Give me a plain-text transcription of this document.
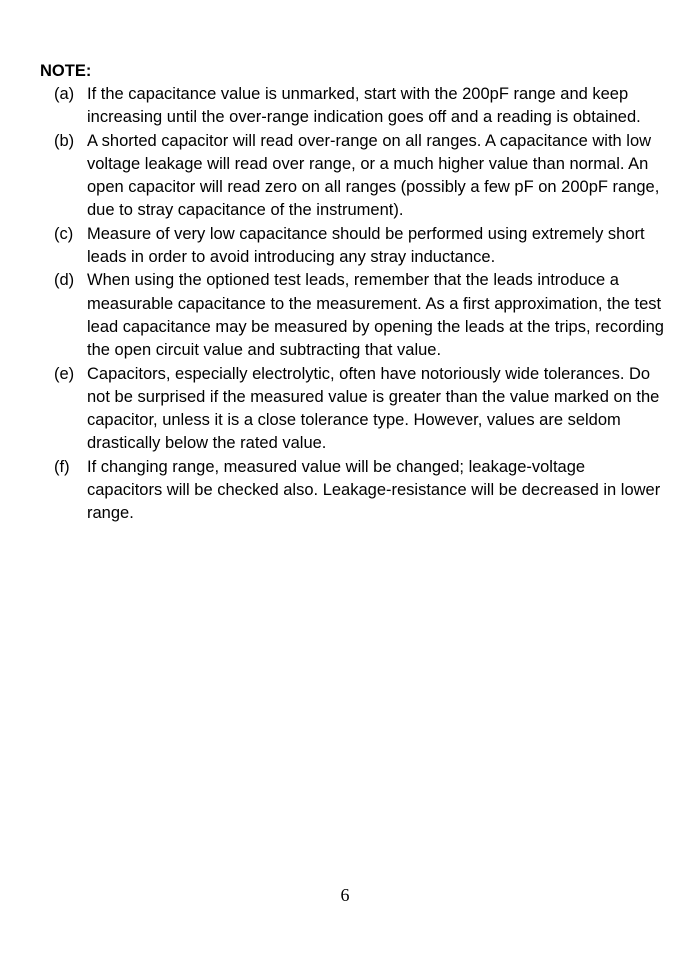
NOTE:

(a) If the capacitance value is unmarked, start with the 200pF range and keep increasing until the over-range indication goes off and a reading is obtained.
(b) A shorted capacitor will read over-range on all ranges. A capacitance with low voltage leakage will read over range, or a much higher value than normal. An open capacitor will read zero on all ranges (possibly a few pF on 200pF range, due to stray capacitance of the instrument).
(c) Measure of very low capacitance should be performed using extremely short leads in order to avoid introducing any stray inductance.
(d) When using the optioned test leads, remember that the leads introduce a measurable capacitance to the measurement. As a first approximation, the test lead capacitance may be measured by opening the leads at the trips, recording the open circuit value and subtracting that value.
(e) Capacitors, especially electrolytic, often have notoriously wide tolerances. Do not be surprised if the measured value is greater than the value marked on the capacitor, unless it is a close tolerance type. However, values are seldom drastically below the rated value.
(f)	If changing range, measured value will be changed; leakage-voltage capacitors will be checked also. Leakage-resistance will be decreased in lower range.

6
